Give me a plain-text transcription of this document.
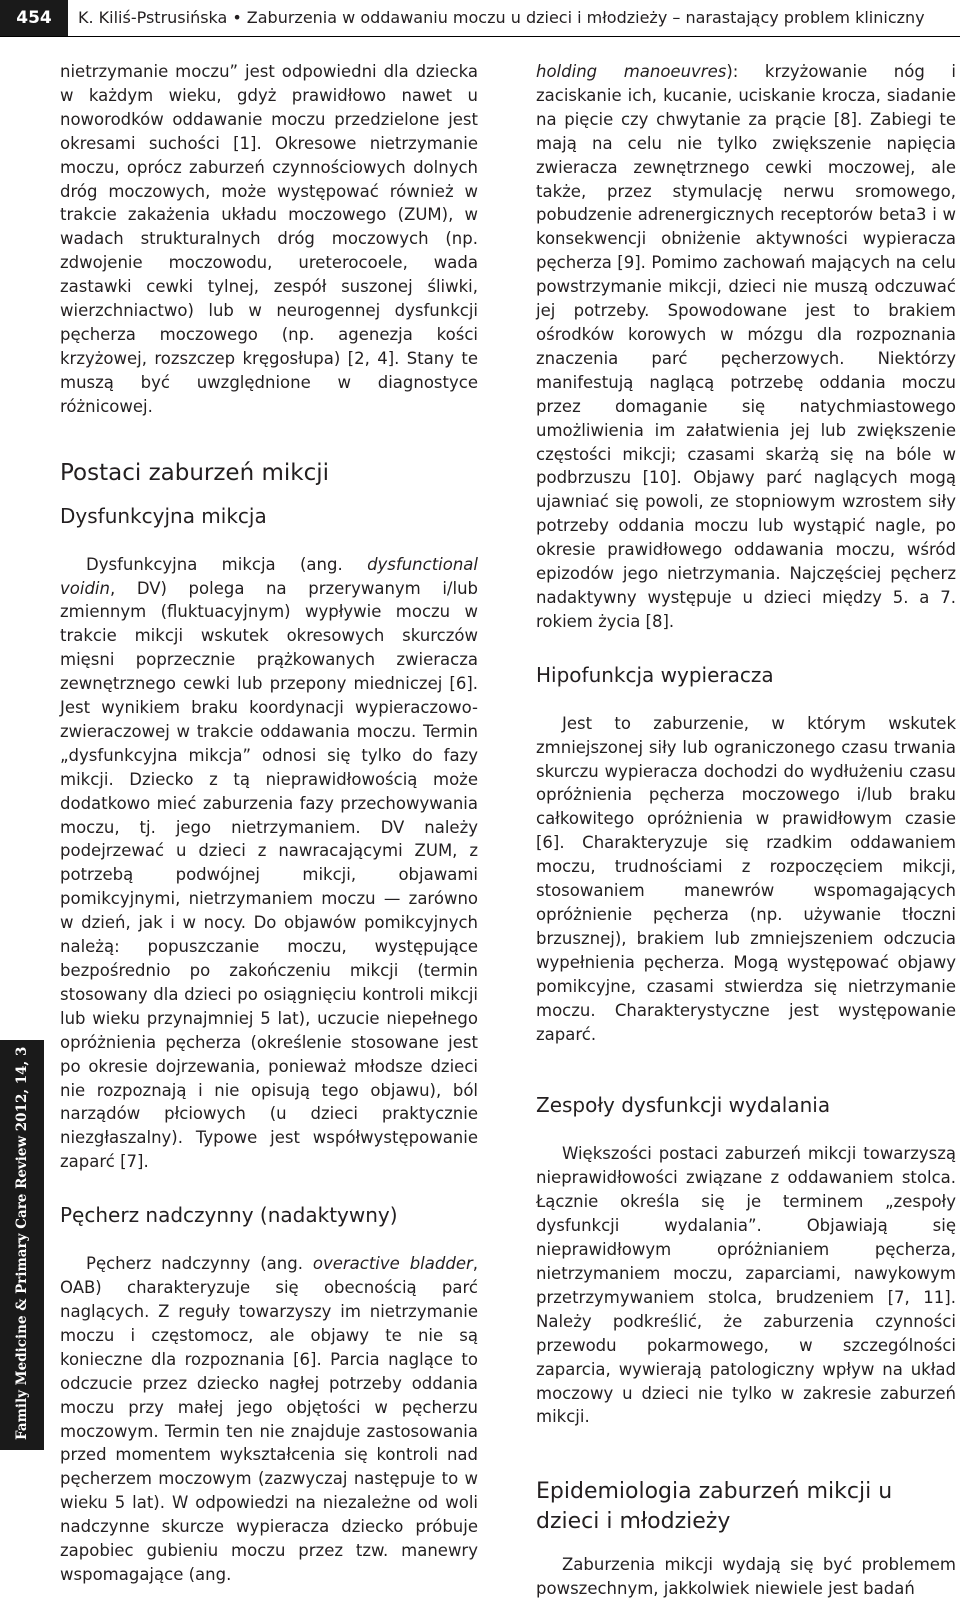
454	K. Kiliś-Pstrusińska • Zaburzenia w oddawaniu moczu u dzieci i młodzieży – narastający problem kliniczny
Family Medicine & Primary Care Review 2012, 14, 3

nietrzymanie moczu” jest odpowiedni dla dziecka w każdym wieku, gdyż prawidłowo nawet u noworodków oddawanie moczu przedzielone jest okresami suchości [1]. Okresowe nietrzymanie moczu, oprócz zaburzeń czynnościowych dolnych dróg moczowych, może występować również w trakcie zakażenia układu moczowego (ZUM), w wadach strukturalnych dróg moczowych (np. zdwojenie moczowodu, ureterocoele, wada zastawki cewki tylnej, zespół suszonej śliwki, wierzchniactwo) lub w neurogennej dysfunkcji pęcherza moczowego (np. agenezja kości krzyżowej, rozszczep kręgosłupa) [2, 4]. Stany te muszą być uwzględnione w diagnostyce różnicowej.

Postaci zaburzeń mikcji
Dysfunkcyjna mikcja

Dysfunkcyjna mikcja (ang. dysfunctional voidin, DV) polega na przerywanym i/lub zmiennym (fluktuacyjnym) wypływie moczu w trakcie mikcji wskutek okresowych skurczów mięsni poprzecznie prążkowanych zwieracza zewnętrznego cewki lub przepony miedniczej [6]. Jest wynikiem braku koordynacji wypieraczowo-zwieraczowej w trakcie oddawania moczu. Termin „dysfunkcyjna mikcja” odnosi się tylko do fazy mikcji. Dziecko z tą nieprawidłowością może dodatkowo mieć zaburzenia fazy przechowywania moczu, tj. jego nietrzymaniem. DV należy podejrzewać u dzieci z nawracającymi ZUM, z potrzebą podwójnej mikcji, objawami pomikcyjnymi, nietrzymaniem moczu — zarówno w dzień, jak i w nocy. Do objawów pomikcyjnych należą: popuszczanie moczu, występujące bezpośrednio po zakończeniu mikcji (termin stosowany dla dzieci po osiągnięciu kontroli mikcji lub wieku przynajmniej 5 lat), uczucie niepełnego opróżnienia pęcherza (określenie stosowane jest po okresie dojrzewania, ponieważ młodsze dzieci nie rozpoznają i nie opisują tego objawu), ból narządów płciowych (u dzieci praktycznie niezgłaszalny). Typowe jest współwystępowanie zaparć [7].

Pęcherz nadczynny (nadaktywny)

Pęcherz nadczynny (ang. overactive bladder, OAB) charakteryzuje się obecnością parć naglących. Z reguły towarzyszy im nietrzymanie moczu i częstomocz, ale objawy te nie są konieczne dla rozpoznania [6]. Parcia naglące to odczucie przez dziecko nagłej potrzeby oddania moczu przy małej jego objętości w pęcherzu moczowym. Termin ten nie znajduje zastosowania przed momentem wykształcenia się kontroli nad pęcherzem moczowym (zazwyczaj następuje to w wieku 5 lat). W odpowiedzi na niezależne od woli nadczynne skurcze wypieracza dziecko próbuje zapobiec gubieniu moczu przez tzw. manewry wspomagające (ang.

holding manoeuvres): krzyżowanie nóg i zaciskanie ich, kucanie, uciskanie krocza, siadanie na pięcie czy chwytanie za prącie [8]. Zabiegi te mają na celu nie tylko zwiększenie napięcia zwieracza zewnętrznego cewki moczowej, ale także, przez stymulację nerwu sromowego, pobudzenie adrenergicznych receptorów beta3 i w konsekwencji obniżenie aktywności wypieracza pęcherza [9]. Pomimo zachowań mających na celu powstrzymanie mikcji, dzieci nie muszą odczuwać jej potrzeby. Spowodowane jest to brakiem ośrodków korowych w mózgu dla rozpoznania znaczenia parć pęcherzowych. Niektórzy manifestują naglącą potrzebę oddania moczu przez domaganie się natychmiastowego umożliwienia im załatwienia jej lub zwiększenie częstości mikcji; czasami skarżą się na bóle w podbrzuszu [10]. Objawy parć naglących mogą ujawniać się powoli, ze stopniowym wzrostem siły potrzeby oddania moczu lub wystąpić nagle, po okresie prawidłowego oddawania moczu, wśród epizodów jego nietrzymania. Najczęściej pęcherz nadaktywny występuje u dzieci między 5. a 7. rokiem życia [8].

Hipofunkcja wypieracza

Jest to zaburzenie, w którym wskutek zmniejszonej siły lub ograniczonego czasu trwania skurczu wypieracza dochodzi do wydłużeniu czasu opróżnienia pęcherza moczowego i/lub braku całkowitego opróżnienia w prawidłowym czasie [6]. Charakteryzuje się rzadkim oddawaniem moczu, trudnościami z rozpoczęciem mikcji, stosowaniem manewrów wspomagających opróżnienie pęcherza (np. używanie tłoczni brzusznej), brakiem lub zmniejszeniem odczucia wypełnienia pęcherza. Mogą występować objawy pomikcyjne, czasami stwierdza się nietrzymanie moczu. Charakterystyczne jest występowanie zaparć.

Zespoły dysfunkcji wydalania

Większości postaci zaburzeń mikcji towarzyszą nieprawidłowości związane z oddawaniem stolca. Łącznie określa się je terminem „zespoły dysfunkcji wydalania”. Objawiają się nieprawidłowym opróżnianiem pęcherza, nietrzymaniem moczu, zaparciami, nawykowym przetrzymywaniem stolca, brudzeniem [7, 11]. Należy podkreślić, że zaburzenia czynności przewodu pokarmowego, w szczególności zaparcia, wywierają patologiczny wpływ na układ moczowy u dzieci nie tylko w zakresie zaburzeń mikcji.

Epidemiologia zaburzeń mikcji u dzieci i młodzieży

Zaburzenia mikcji wydają się być problemem powszechnym, jakkolwiek niewiele jest badań
